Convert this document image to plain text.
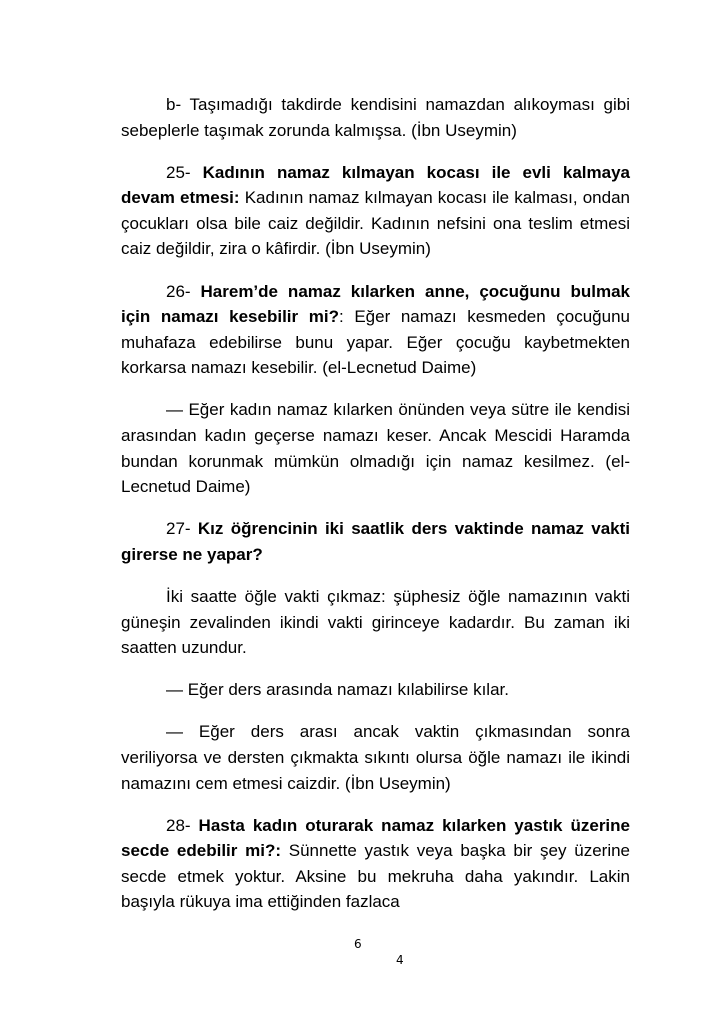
b- Taşımadığı takdirde kendisini namazdan alıkoyması gibi sebeplerle taşımak zorunda kalmışsa. (İbn Useymin)

25- Kadının namaz kılmayan kocası ile evli kalmaya devam etmesi: Kadının namaz kılmayan kocası ile kalması, ondan çocukları olsa bile caiz değildir. Kadının nefsini ona teslim etmesi caiz değildir, zira o kâfirdir. (İbn Useymin)

26- Harem’de namaz kılarken anne, çocuğunu bulmak için namazı kesebilir mi?: Eğer namazı kesmeden çocuğunu muhafaza edebilirse bunu yapar. Eğer çocuğu kaybetmekten korkarsa namazı kesebilir. (el-Lecnetud Daime)

— Eğer kadın namaz kılarken önünden veya sütre ile kendisi arasından kadın geçerse namazı keser. Ancak Mescidi Haramda bundan korunmak mümkün olmadığı için namaz kesilmez. (el-Lecnetud Daime)

27- Kız öğrencinin iki saatlik ders vaktinde namaz vakti girerse ne yapar?

İki saatte öğle vakti çıkmaz: şüphesiz öğle namazının vakti güneşin zevalinden ikindi vakti girinceye kadardır. Bu zaman iki saatten uzundur.

— Eğer ders arasında namazı kılabilirse kılar.

— Eğer ders arası ancak vaktin çıkmasından sonra veriliyorsa ve dersten çıkmakta sıkıntı olursa öğle namazı ile ikindi namazını cem etmesi caizdir. (İbn Useymin)

28- Hasta kadın oturarak namaz kılarken yastık üzerine secde edebilir mi?: Sünnette yastık veya başka bir şey üzerine secde etmek yoktur. Aksine bu mekruha daha yakındır. Lakin başıyla rükuya ima ettiğinden fazlaca

6
4
